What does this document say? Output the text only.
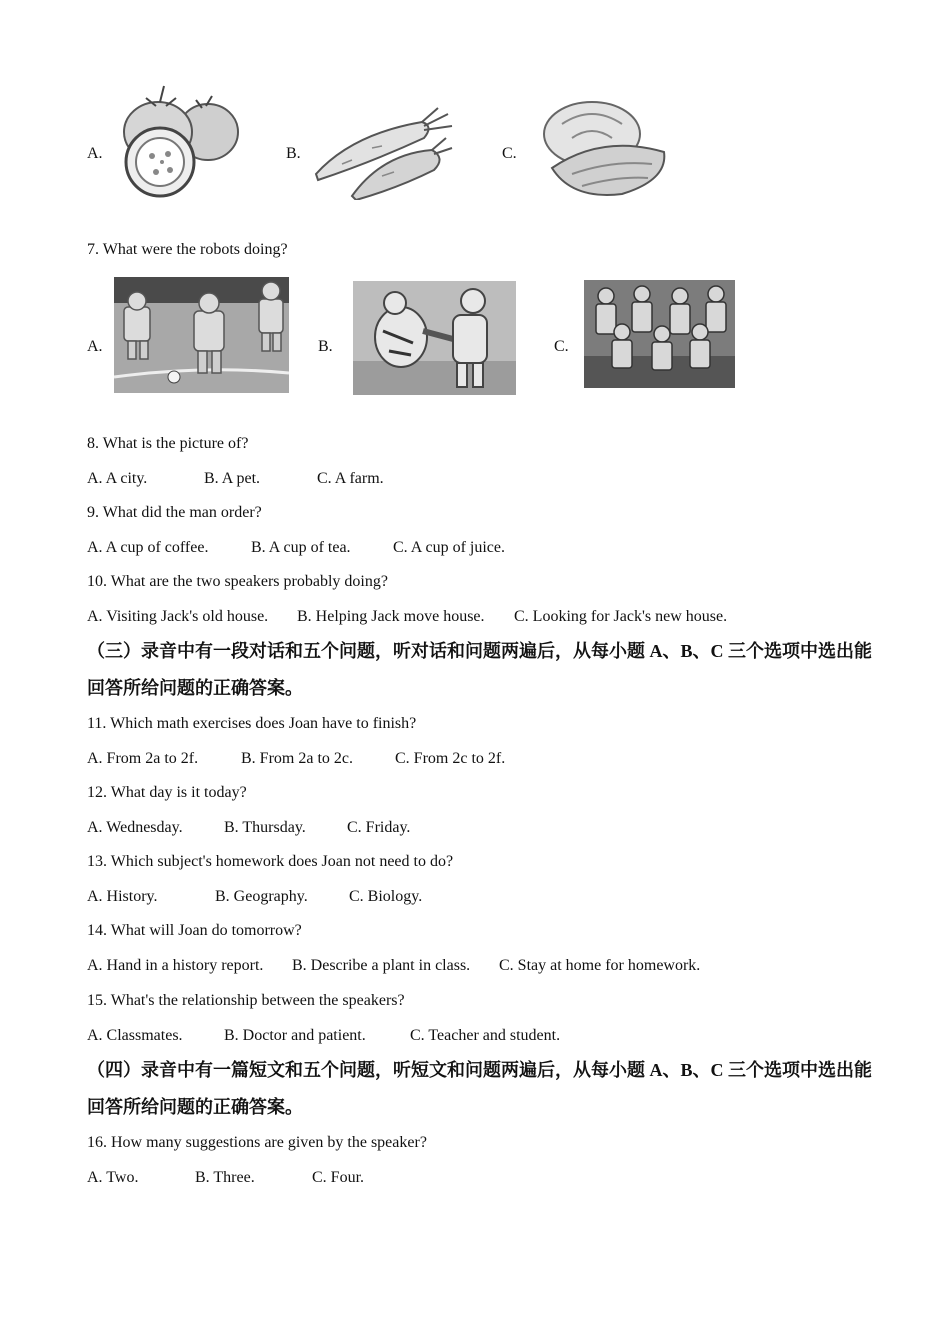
A.	B.	C.
7. What were the robots doing?
A.	B.	C.
8. What is the picture of?
A. A city.	B. A pet.	C. A farm.
9. What did the man order?
A. A cup of coffee.	B. A cup of tea.	C. A cup of juice.
10. What are the two speakers probably doing?
A. Visiting Jack's old house. B. Helping Jack move house. C. Looking for Jack's new house.
（三）录音中有一段对话和五个问题，听对话和问题两遍后，从每小题 A、B、C 三个选项中选出能回答所给问题的正确答案。
11. Which math exercises does Joan have to finish?
A. From 2a to 2f.	B. From 2a to 2c.	C. From 2c to 2f.
12. What day is it today?
A. Wednesday.	B. Thursday.	C. Friday.
13. Which subject's homework does Joan not need to do?
A. History.	B. Geography.	C. Biology.
14. What will Joan do tomorrow?
A. Hand in a history report. B. Describe a plant in class. C. Stay at home for homework.
15. What's the relationship between the speakers?
A. Classmates.	B. Doctor and patient.	C. Teacher and student.
（四）录音中有一篇短文和五个问题，听短文和问题两遍后，从每小题 A、B、C 三个选项中选出能回答所给问题的正确答案。
16. How many suggestions are given by the speaker?
A. Two.	B. Three.	C. Four.
